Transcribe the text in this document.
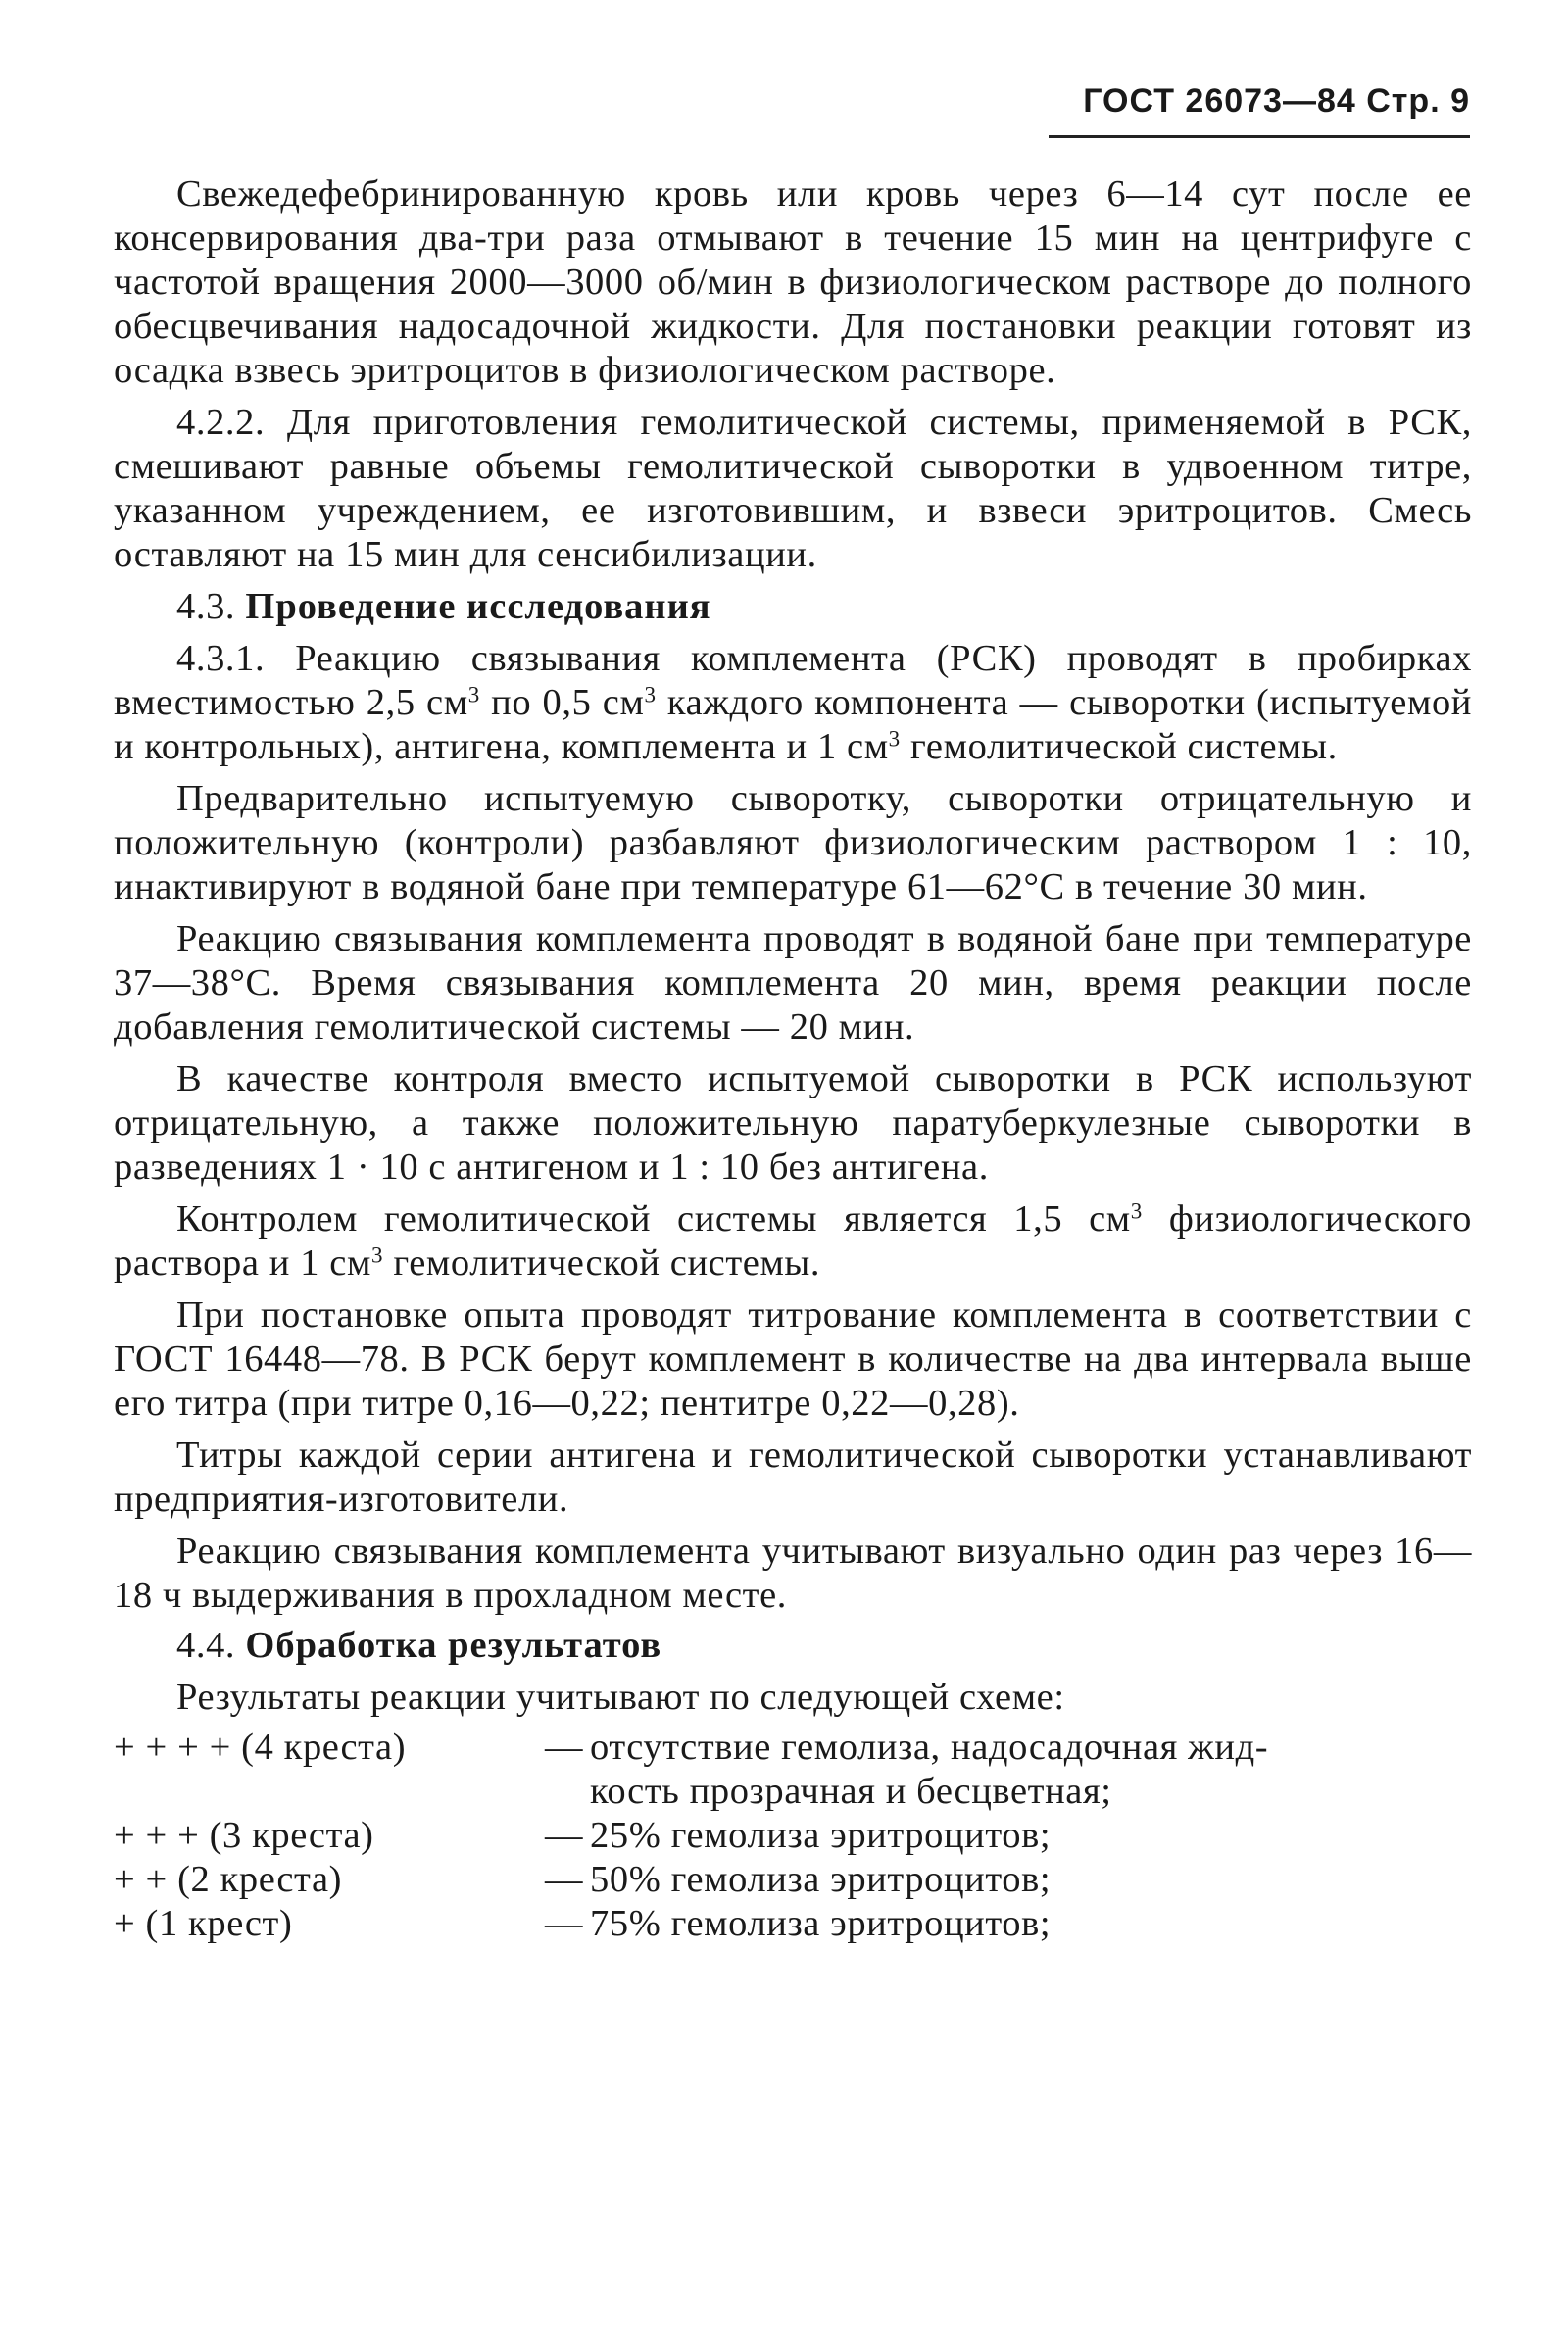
ГОСТ 26073—84 Стр. 9

Свежедефебринированную кровь или кровь через 6—14 сут после ее консервирования два-три раза отмывают в течение 15 мин на центрифуге с частотой вращения 2000—3000 об/мин в физиологическом растворе до полного обесцвечивания надосадочной жидкости. Для постановки реакции готовят из осадка взвесь эритроцитов в физиологическом растворе.

4.2.2. Для приготовления гемолитической системы, применяемой в РСК, смешивают равные объемы гемолитической сыворотки в удвоенном титре, указанном учреждением, ее изготовившим, и взвеси эритроцитов. Смесь оставляют на 15 мин для сенсибилизации.

4.3. Проведение исследования

4.3.1. Реакцию связывания комплемента (РСК) проводят в пробирках вместимостью 2,5 $см^3$ по 0,5 $см^3$ каждого компонента — сыворотки (испытуемой и контрольных), антигена, комплемента и 1 $см^3$ гемолитической системы.

Предварительно испытуемую сыворотку, сыворотки отрицательную и положительную (контроли) разбавляют физиологическим раствором 1 : 10, инактивируют в водяной бане при температуре 61—62°С в течение 30 мин.

Реакцию связывания комплемента проводят в водяной бане при температуре 37—38°С. Время связывания комплемента 20 мин, время реакции после добавления гемолитической системы — 20 мин.

В качестве контроля вместо испытуемой сыворотки в РСК используют отрицательную, а также положительную паратуберкулезные сыворотки в разведениях 1 · 10 с антигеном и 1 : 10 без антигена.

Контролем гемолитической системы является 1,5 $см^3$ физиологического раствора и 1 $см^3$ гемолитической системы.

При постановке опыта проводят титрование комплемента в соответствии с ГОСТ 16448—78. В РСК берут комплемент в количестве на два интервала выше его титра (при титре 0,16—0,22; пентитре 0,22—0,28).

Титры каждой серии антигена и гемолитической сыворотки устанавливают предприятия-изготовители.

Реакцию связывания комплемента учитывают визуально один раз через 16—18 ч выдерживания в прохладном месте.

4.4. Обработка результатов

Результаты реакции учитывают по следующей схеме:

+ + + + (4 креста)	— отсутствие гемолиза, надосадочная жид-
кость прозрачная и бесцветная;
+ + + (3 креста)	— 25% гемолиза эритроцитов;
+ + (2 креста)	— 50% гемолиза эритроцитов;
+ (1 крест)	— 75% гемолиза эритроцитов;
